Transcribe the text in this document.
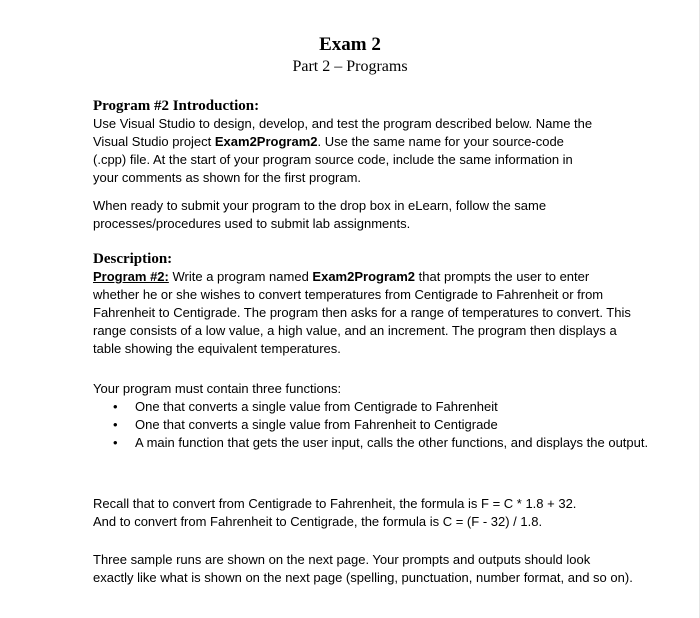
Exam 2
Part 2 – Programs
Program #2 Introduction:
Use Visual Studio to design, develop, and test the program described below. Name the
Visual Studio project Exam2Program2. Use the same name for your source-code
(.cpp) file. At the start of your program source code, include the same information in
your comments as shown for the first program.
When ready to submit your program to the drop box in eLearn, follow the same
processes/procedures used to submit lab assignments.
Description:
Program #2: Write a program named Exam2Program2 that prompts the user to enter
whether he or she wishes to convert temperatures from Centigrade to Fahrenheit or from
Fahrenheit to Centigrade. The program then asks for a range of temperatures to convert. This
range consists of a low value, a high value, and an increment. The program then displays a
table showing the equivalent temperatures.
Your program must contain three functions:
• One that converts a single value from Centigrade to Fahrenheit
• One that converts a single value from Fahrenheit to Centigrade
• A main function that gets the user input, calls the other functions, and displays the output.
Recall that to convert from Centigrade to Fahrenheit, the formula is F = C * 1.8 + 32.
And to convert from Fahrenheit to Centigrade, the formula is C = (F - 32) / 1.8.
Three sample runs are shown on the next page. Your prompts and outputs should look
exactly like what is shown on the next page (spelling, punctuation, number format, and so on).
